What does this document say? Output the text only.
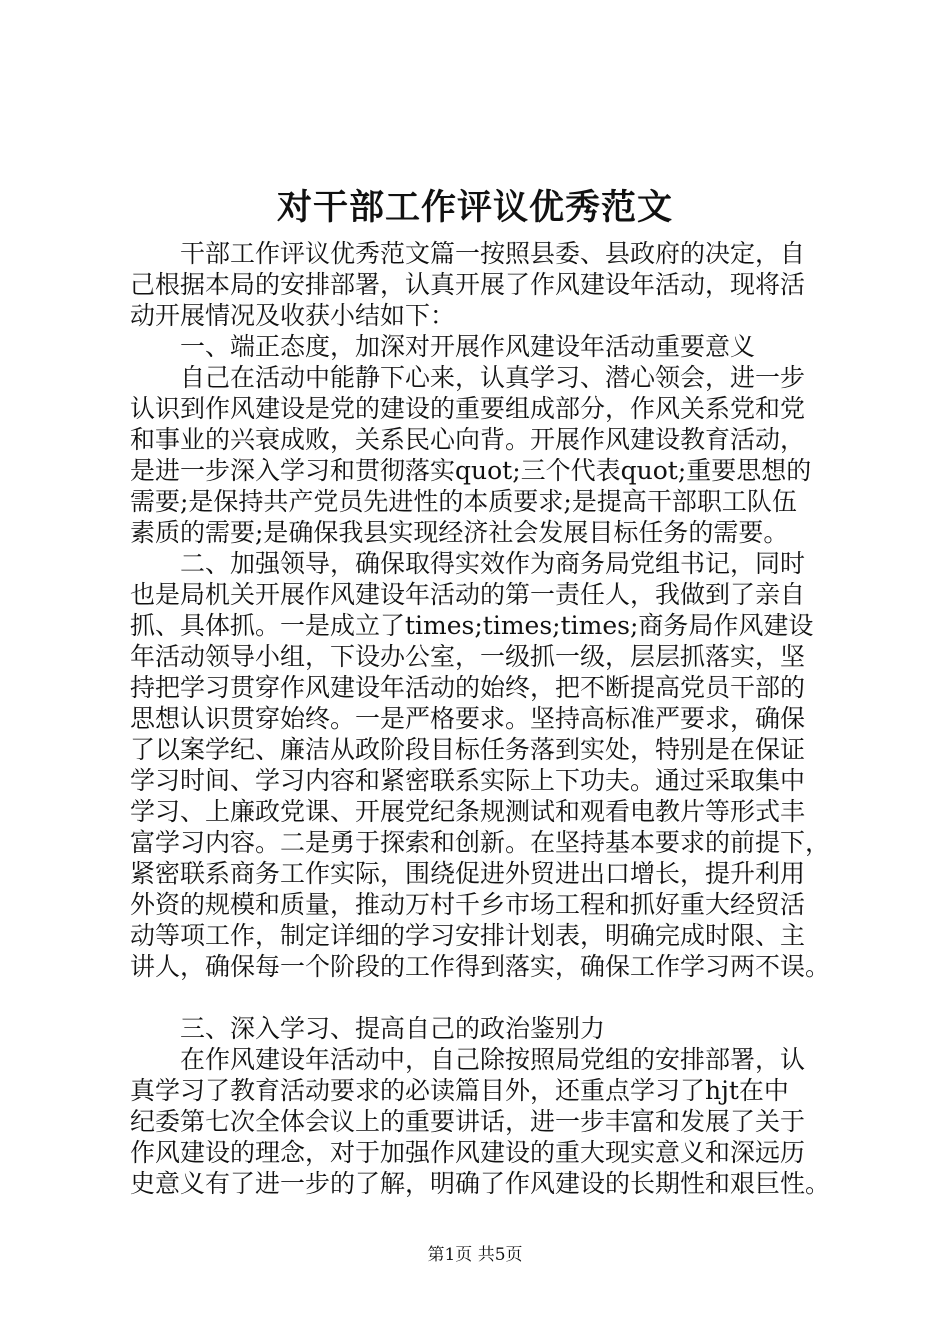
对干部工作评议优秀范文
　　干部工作评议优秀范文篇一按照县委、县政府的决定，自
己根据本局的安排部署，认真开展了作风建设年活动，现将活
动开展情况及收获小结如下：
　　一、端正态度，加深对开展作风建设年活动重要意义
　　自己在活动中能静下心来，认真学习、潜心领会，进一步
认识到作风建设是党的建设的重要组成部分，作风关系党和党
和事业的兴衰成败，关系民心向背。开展作风建设教育活动，
是进一步深入学习和贯彻落实quot;三个代表quot;重要思想的
需要;是保持共产党员先进性的本质要求;是提高干部职工队伍
素质的需要;是确保我县实现经济社会发展目标任务的需要。
　　二、加强领导，确保取得实效作为商务局党组书记，同时
也是局机关开展作风建设年活动的第一责任人，我做到了亲自
抓、具体抓。一是成立了times;times;times;商务局作风建设
年活动领导小组，下设办公室，一级抓一级，层层抓落实，坚
持把学习贯穿作风建设年活动的始终，把不断提高党员干部的
思想认识贯穿始终。一是严格要求。坚持高标准严要求，确保
了以案学纪、廉洁从政阶段目标任务落到实处，特别是在保证
学习时间、学习内容和紧密联系实际上下功夫。通过采取集中
学习、上廉政党课、开展党纪条规测试和观看电教片等形式丰
富学习内容。二是勇于探索和创新。在坚持基本要求的前提下，
紧密联系商务工作实际，围绕促进外贸进出口增长，提升利用
外资的规模和质量，推动万村千乡市场工程和抓好重大经贸活
动等项工作，制定详细的学习安排计划表，明确完成时限、主
讲人，确保每一个阶段的工作得到落实，确保工作学习两不误。
　　三、深入学习、提高自己的政治鉴别力
　　在作风建设年活动中，自己除按照局党组的安排部署，认
真学习了教育活动要求的必读篇目外，还重点学习了hjt在中
纪委第七次全体会议上的重要讲话，进一步丰富和发展了关于
作风建设的理念，对于加强作风建设的重大现实意义和深远历
史意义有了进一步的了解，明确了作风建设的长期性和艰巨性。
第1页 共5页
